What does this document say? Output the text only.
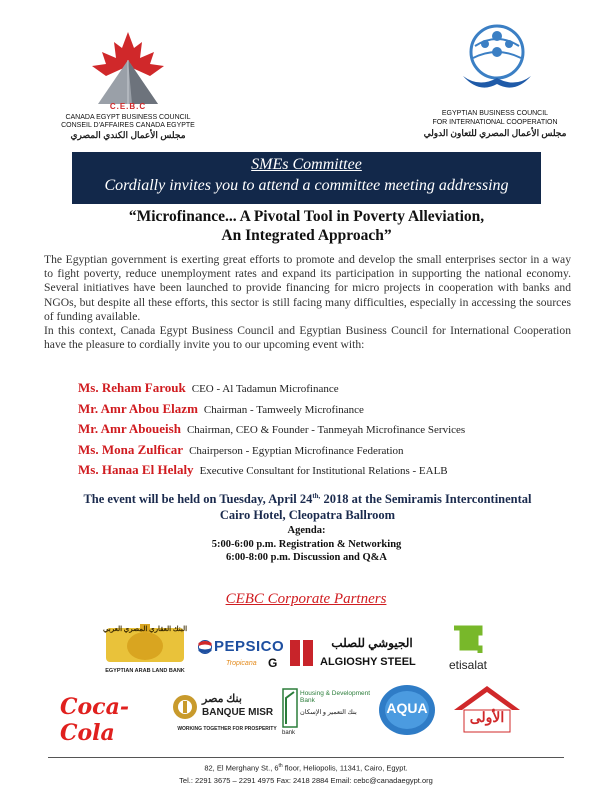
C.E.B.C
CANADA EGYPT BUSINESS COUNCIL
CONSEIL D'AFFAIRES CANADA EGYPTE
مجلس الأعمال الكندي المصري
EGYPTIAN BUSINESS COUNCIL
FOR INTERNATIONAL COOPERATION
مجلس الأعمال المصري للتعاون الدولي
SMEs Committee
Cordially invites you to attend a committee meeting addressing
“Microfinance... A Pivotal Tool in Poverty Alleviation,
An Integrated Approach”

The Egyptian government is exerting great efforts to promote and develop the small enterprises sector in a way to fight poverty, reduce unemployment rates and expand its participation in supporting the national economy. Several initiatives have been launched to provide financing for micro projects in cooperation with banks and NGOs, but despite all these efforts, this sector is still facing many difficulties, especially in accessing the sources of funding available.

In this context, Canada Egypt Business Council and Egyptian Business Council for International Cooperation have the pleasure to cordially invite you to our upcoming event with:

Ms. Reham Farouk CEO - Al Tadamun Microfinance
Mr. Amr Abou Elazm Chairman - Tamweely Microfinance
Mr. Amr Aboueish Chairman, CEO & Founder - Tanmeyah Microfinance Services
Ms. Mona Zulficar Chairperson - Egyptian Microfinance Federation
Ms. Hanaa El Helaly Executive Consultant for Institutional Relations - EALB
The event will be held on Tuesday, April $24^{th,}$ 2018 at the Semiramis Intercontinental
Cairo Hotel, Cleopatra Ballroom
Agenda:
5:00-6:00 p.m. Registration & Networking
6:00-8:00 p.m. Discussion and Q&A
CEBC Corporate Partners
البنك العقاري المصري العربي
EGYPTIAN ARAB LAND BANK
PEPSICO
Tropicana G
الجيوشي للصلب
ALGIOSHY STEEL	etisalat
Coca-Cola
بنك مصر
BANQUE MISR
WORKING TOGETHER FOR PROSPERITY
bank
Housing & Development Bank
بنك التعمير و الإسكان	AQUA
الأولى
82, El Merghany St., 6th floor, Heliopolis, 11341, Cairo, Egypt.
Tel.: 2291 3675 – 2291 4975 Fax: 2418 2884 Email: cebc@canadaegypt.org
